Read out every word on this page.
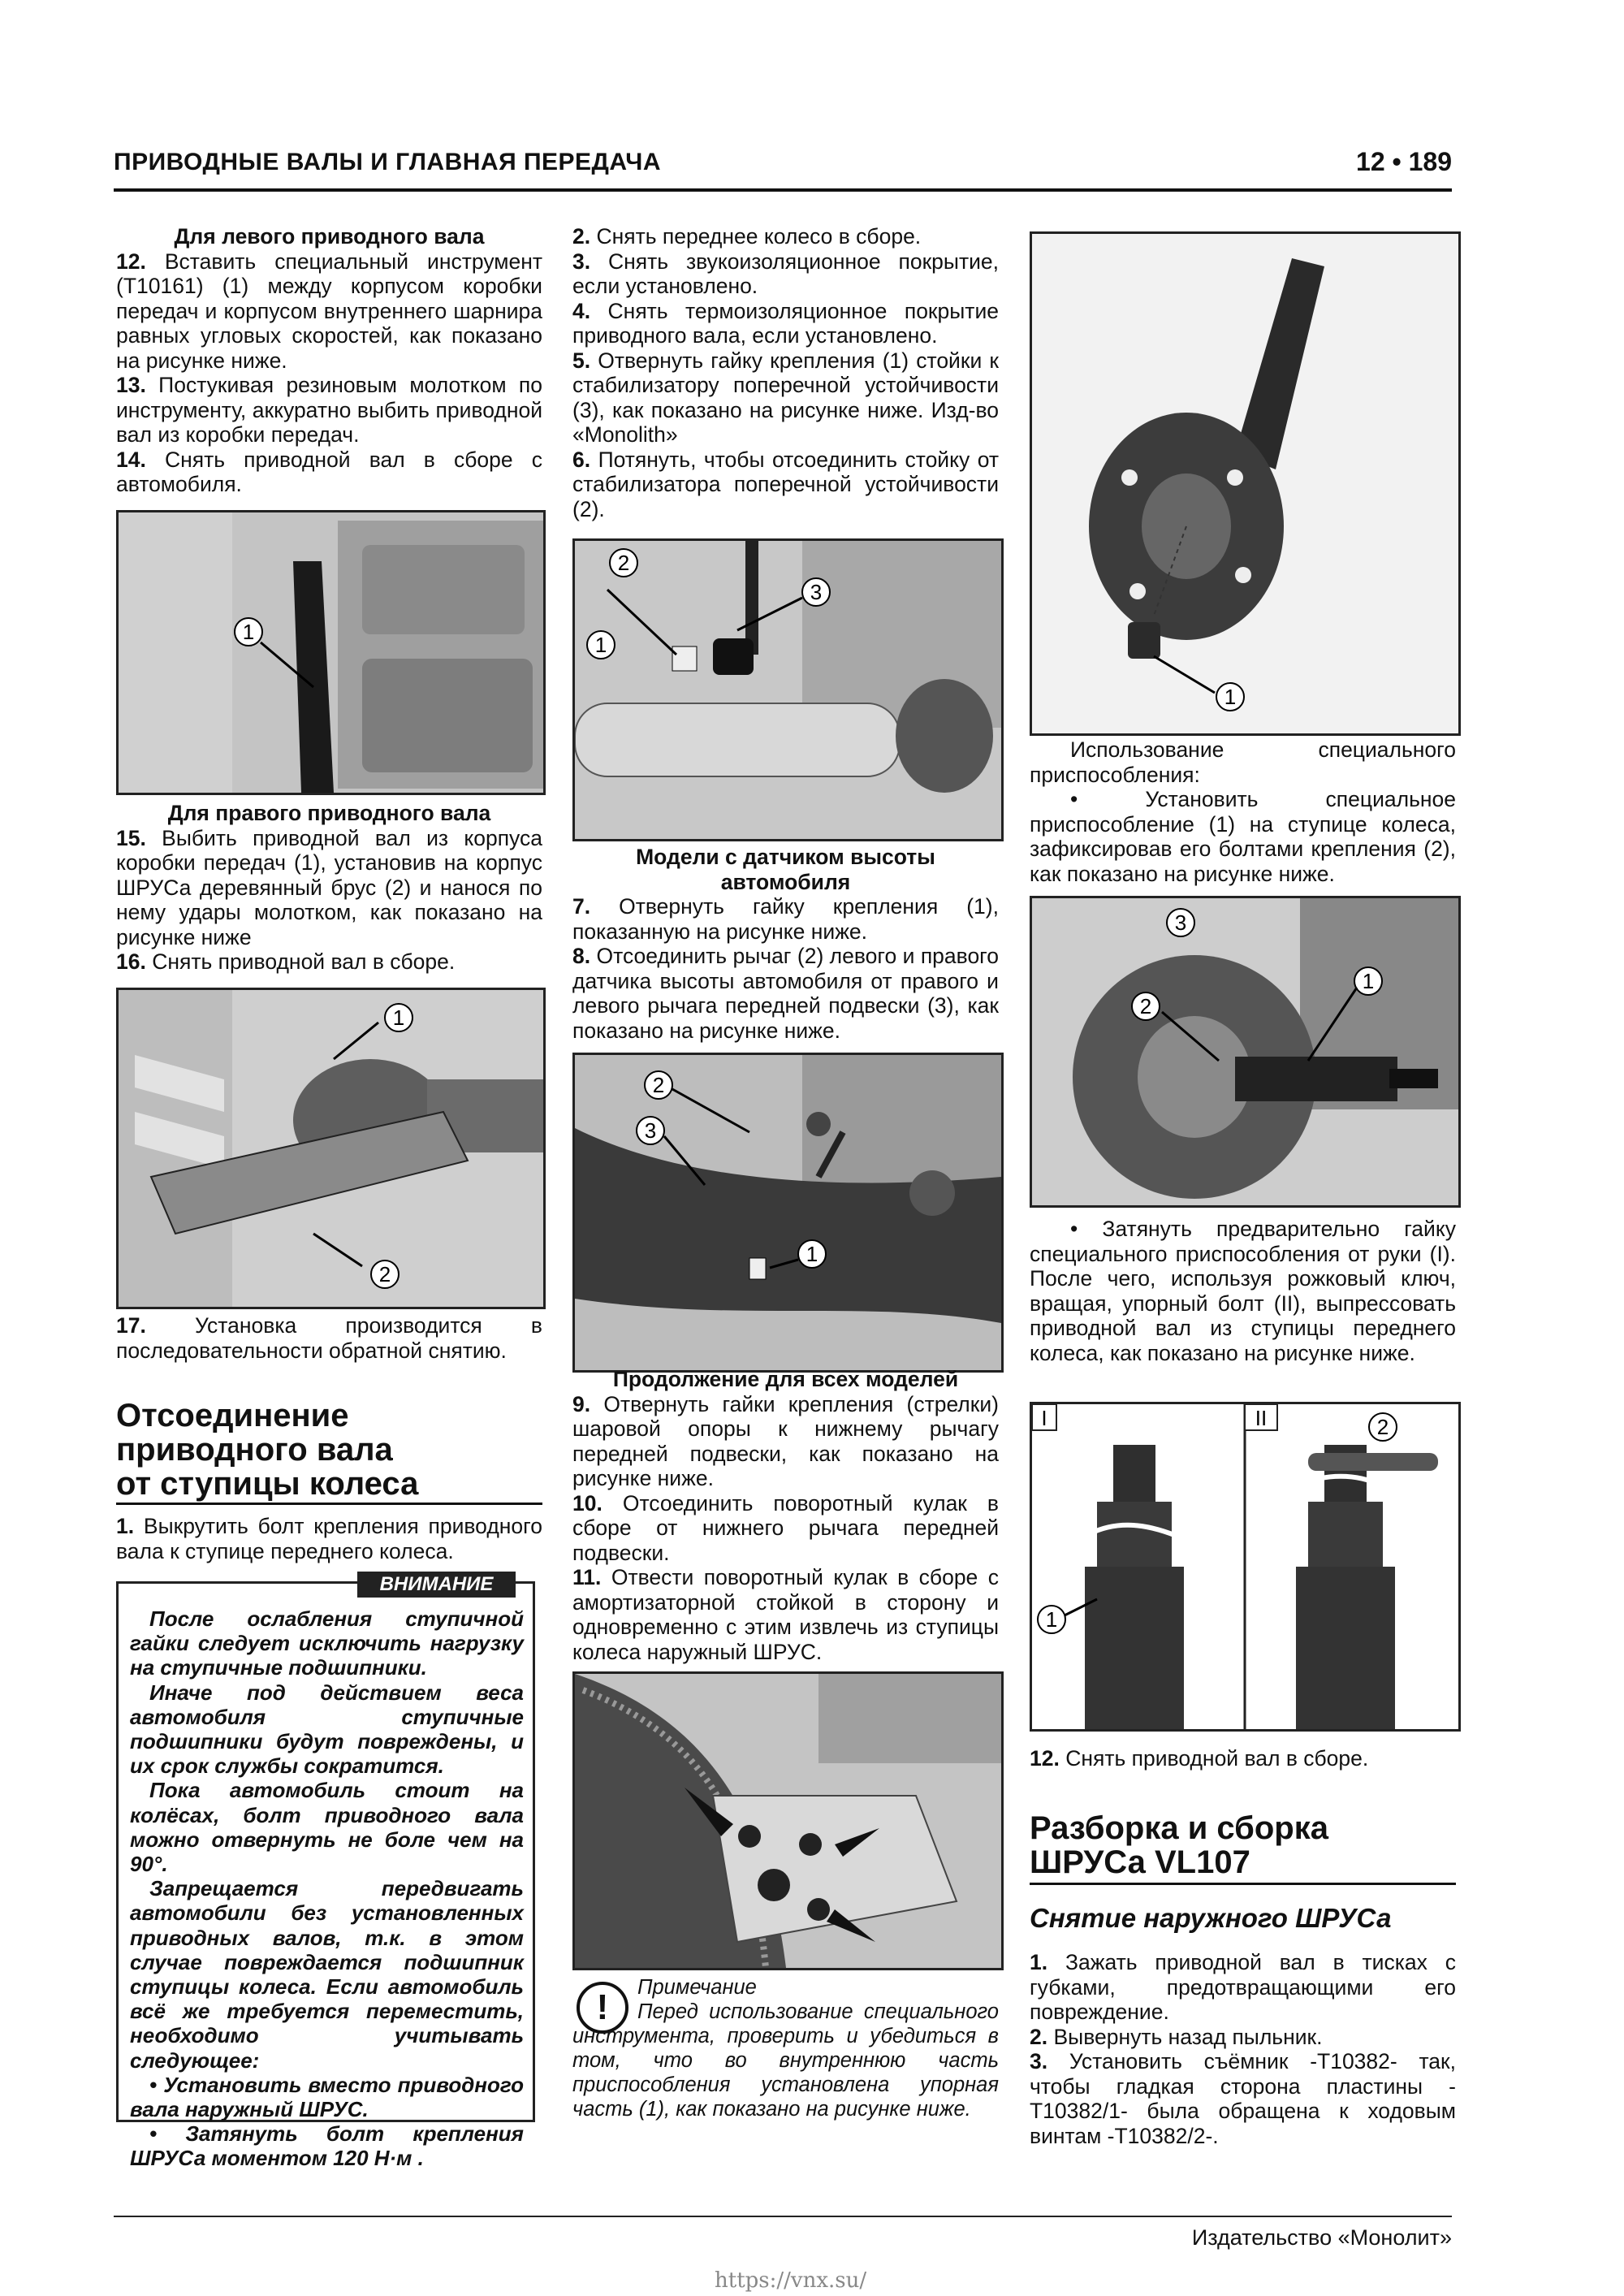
ПРИВОДНЫЕ ВАЛЫ И ГЛАВНАЯ ПЕРЕДАЧА	12 • 189

Для левого приводного вала

12. Вставить специальный инструмент (T10161) (1) между корпусом коробки передач и корпусом внутреннего шарнира равных угловых скоростей, как показано на рисунке ниже.

13. Постукивая резиновым молотком по инструменту, аккуратно выбить приводной вал из коробки передач.

14. Снять приводной вал в сборе с автомобиля.

1

Для правого приводного вала

15. Выбить приводной вал из корпуса коробки передач (1), установив на корпус ШРУСа деревянный брус (2) и нанося по нему удары молотком, как показано на рисунке ниже

16. Снять приводной вал в сборе.

1
2

17. Установка производится в последовательности обратной снятию.

Отсоединение
приводного вала
от ступицы колеса

1. Выкрутить болт крепления приводного вала к ступице переднего колеса.

ВНИМАНИЕ

После ослабления ступичной гайки следует исключить нагрузку на ступичные подшипники.

Иначе под действием веса автомобиля ступичные подшипники будут повреждены, и их срок службы сократится.

Пока автомобиль стоит на колёсах, болт приводного вала можно отвернуть не боле чем на 90°.

Запрещается передвигать автомобили без установленных приводных валов, т.к. в этом случае повреждается подшипник ступицы колеса. Если автомобиль всё же требуется переместить, необходимо учитывать следующее:

• Установить вместо приводного вала наружный ШРУС.

• Затянуть болт крепления ШРУСа моментом 120 Н·м .

2. Снять переднее колесо в сборе.

3. Снять звукоизоляционное покрытие, если установлено.

4. Снять термоизоляционное покрытие приводного вала, если установлено.

5. Отвернуть гайку крепления (1) стойки к стабилизатору поперечной устойчивости (3), как показано на рисунке ниже. Изд-во «Monolith»

6. Потянуть, чтобы отсоединить стойку от стабилизатора поперечной устойчивости (2).

1
2
3

Модели с датчиком высоты автомобиля

7. Отвернуть гайку крепления (1), показанную на рисунке ниже.

8. Отсоединить рычаг (2) левого и правого датчика высоты автомобиля от правого и левого рычага передней подвески (3), как показано на рисунке ниже.

1
2
3

Продолжение для всех моделей

9. Отвернуть гайки крепления (стрелки) шаровой опоры к нижнему рычагу передней подвески, как показано на рисунке ниже.

10. Отсоединить поворотный кулак в сборе от нижнего рычага передней подвески.

11. Отвести поворотный кулак в сборе с амортизаторной стойкой в сторону и одновременно с этим извлечь из ступицы колеса наружный ШРУС.

!	Примечание
Перед использование специального инструмента, проверить и убедиться в том, что во внутреннюю часть приспособления установлена упорная часть (1), как показано на рисунке ниже.
1

Использование специального приспособления:

• Установить специальное приспособление (1) на ступице колеса, зафиксировав его болтами крепления (2), как показано на рисунке ниже.

3
2
1

• Затянуть предварительно гайку специального приспособления от руки (I). После чего, используя рожковый ключ, вращая, упорный болт (II), выпрессовать приводной вал из ступицы переднего колеса, как показано на рисунке ниже.

I	II
1
2

12. Снять приводной вал в сборе.

Разборка и сборка
ШРУСа VL107
Снятие наружного ШРУСа

1. Зажать приводной вал в тисках с губками, предотвращающими его повреждение.

2. Вывернуть назад пыльник.

3. Установить съёмник -T10382- так, чтобы гладкая сторона пластины -T10382/1- была обращена к ходовым винтам -T10382/2-.

Издательство «Монолит»
https://vnx.su/
